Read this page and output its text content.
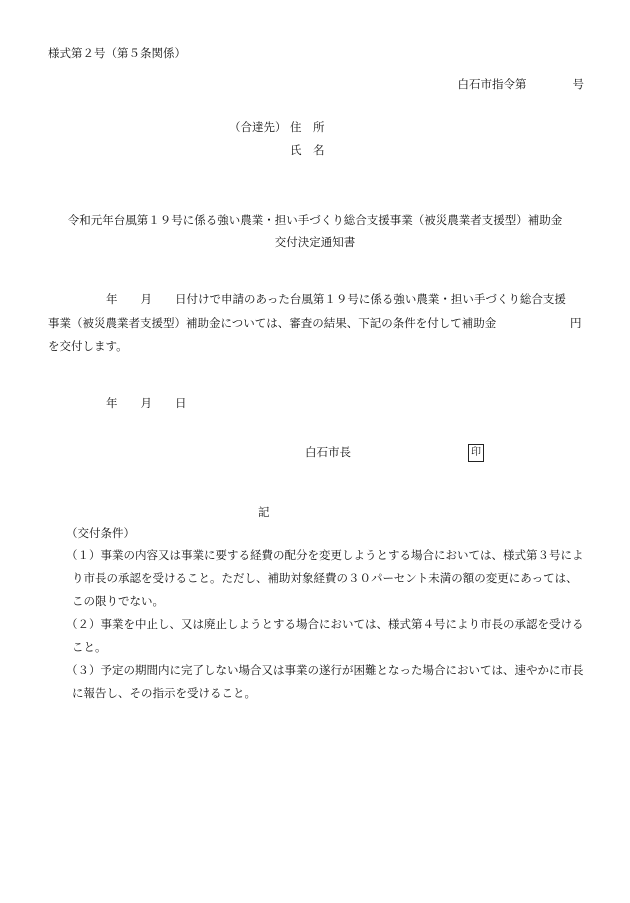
様式第２号（第５条関係）
白石市指令第　　　　号
（合達先） 住　所
氏　名
令和元年台風第１９号に係る強い農業・担い手づくり総合支援事業（被災農業者支援型）補助金
交付決定通知書
年　　月　　日付けで申請のあった台風第１９号に係る強い農業・担い手づくり総合支援
事業（被災農業者支援型）補助金については、審査の結果、下記の条件を付して補助金	円
を交付します。
年　　月　　日
白石市長	印
記
（交付条件）
（１）事業の内容又は事業に要する経費の配分を変更しようとする場合においては、様式第３号によ
り市長の承認を受けること。ただし、補助対象経費の３０パーセント未満の額の変更にあっては、
この限りでない。
（２）事業を中止し、又は廃止しようとする場合においては、様式第４号により市長の承認を受ける
こと。
（３）予定の期間内に完了しない場合又は事業の遂行が困難となった場合においては、速やかに市長
に報告し、その指示を受けること。
